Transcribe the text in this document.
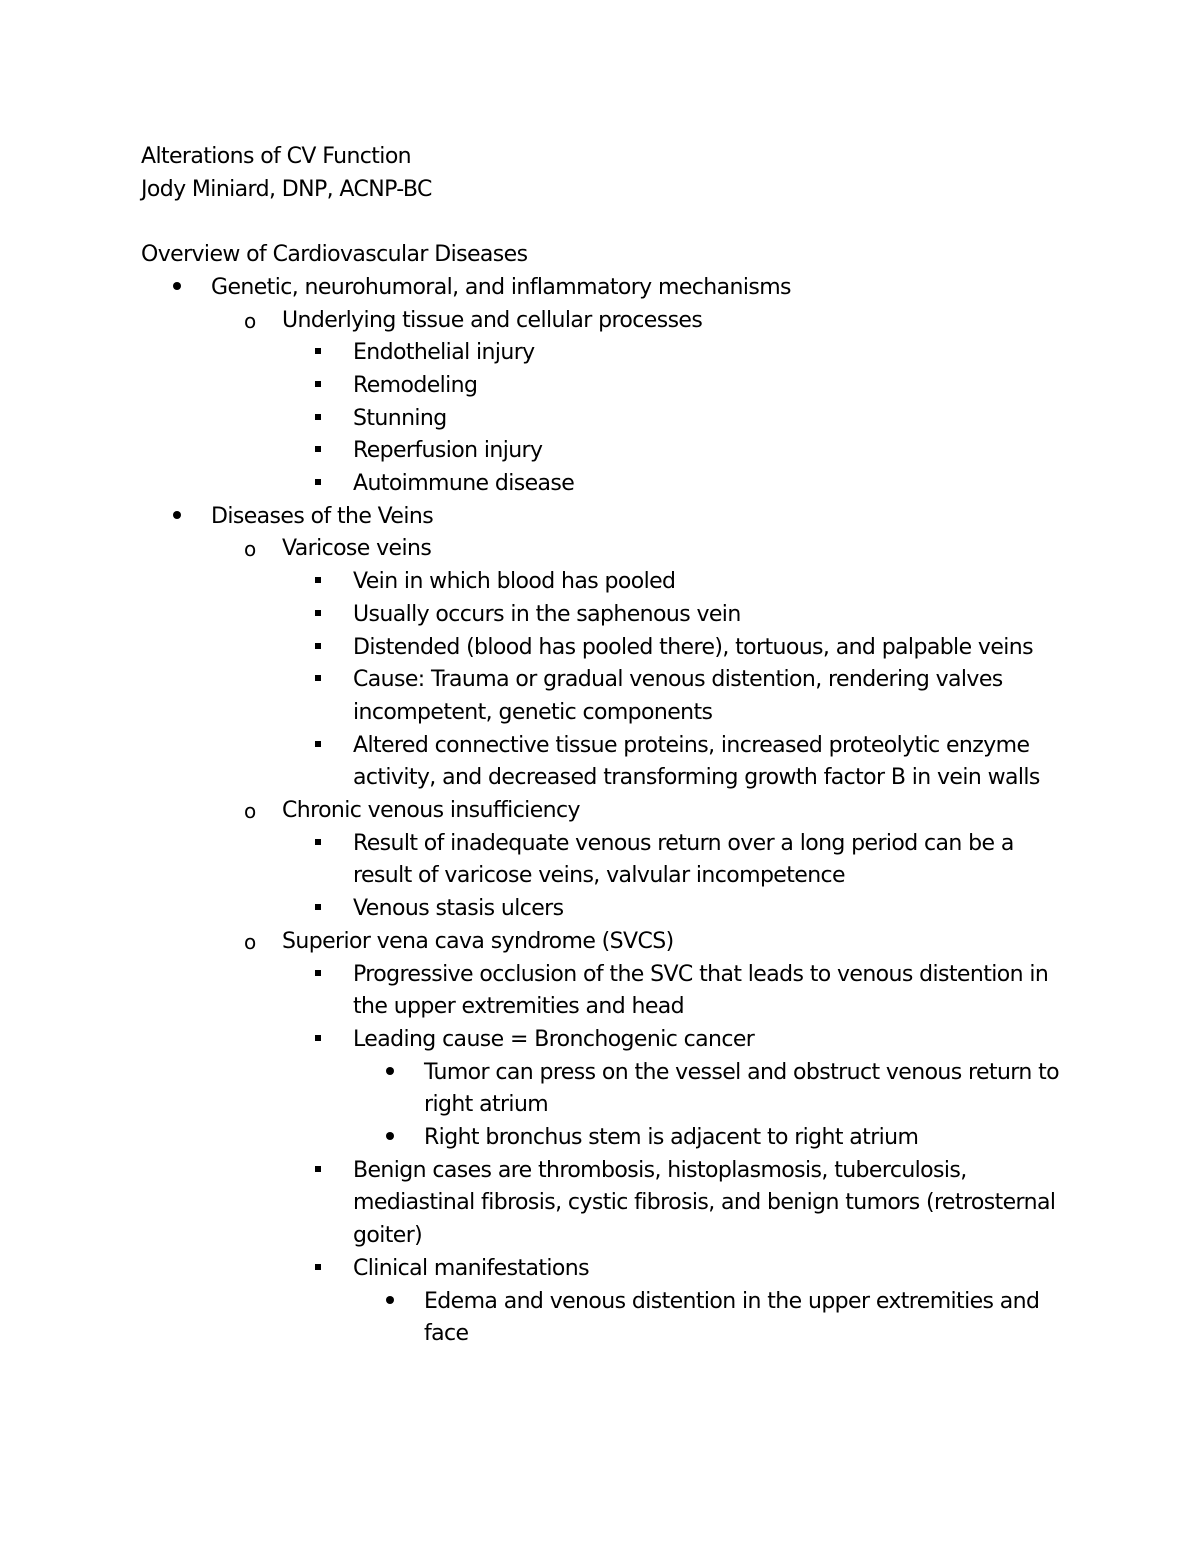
Alterations of CV Function

Jody Miniard, DNP, ACNP-BC

Overview of Cardiovascular Diseases

Genetic, neurohumoral, and inflammatory mechanisms
o Underlying tissue and cellular processes
Endothelial injury
Remodeling
Stunning
Reperfusion injury
Autoimmune disease
Diseases of the Veins
o Varicose veins
Vein in which blood has pooled
Usually occurs in the saphenous vein
Distended (blood has pooled there), tortuous, and palpable veins
Cause: Trauma or gradual venous distention, rendering valves incompetent, genetic components
Altered connective tissue proteins, increased proteolytic enzyme activity, and decreased transforming growth factor B in vein walls
o Chronic venous insufficiency
Result of inadequate venous return over a long period can be a result of varicose veins, valvular incompetence
Venous stasis ulcers
o Superior vena cava syndrome (SVCS)
Progressive occlusion of the SVC that leads to venous distention in the upper extremities and head
Leading cause = Bronchogenic cancer
Tumor can press on the vessel and obstruct venous return to right atrium
Right bronchus stem is adjacent to right atrium
Benign cases are thrombosis, histoplasmosis, tuberculosis, mediastinal fibrosis, cystic fibrosis, and benign tumors (retrosternal goiter)
Clinical manifestations
Edema and venous distention in the upper extremities and face
